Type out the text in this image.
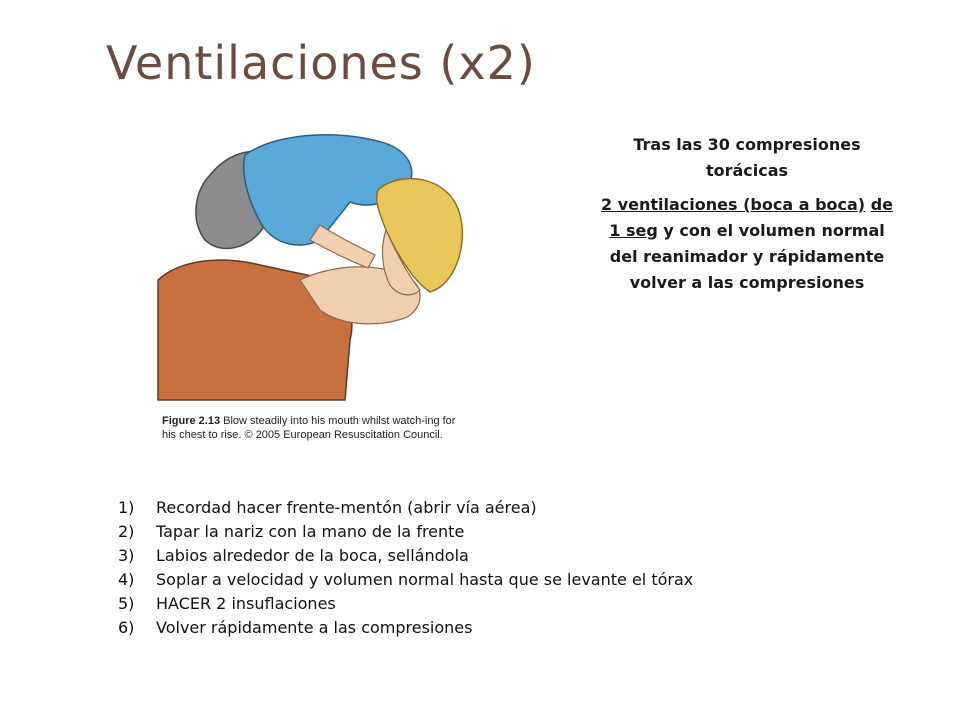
Ventilaciones (x2)
Figure 2.13 Blow steadily into his mouth whilst watch-ing for his chest to rise. © 2005 European Resuscitation Council.

Tras las 30 compresiones torácicas

2 ventilaciones (boca a boca) de 1 seg y con el volumen normal del reanimador y rápidamente volver a las compresiones

1)	Recordad hacer frente-mentón (abrir vía aérea)
2)	Tapar la nariz con la mano de la frente
3)	Labios alrededor de la boca, sellándola
4)	Soplar a velocidad y volumen normal hasta que se levante el tórax
5)	HACER 2 insuflaciones
6)	Volver rápidamente a las compresiones
